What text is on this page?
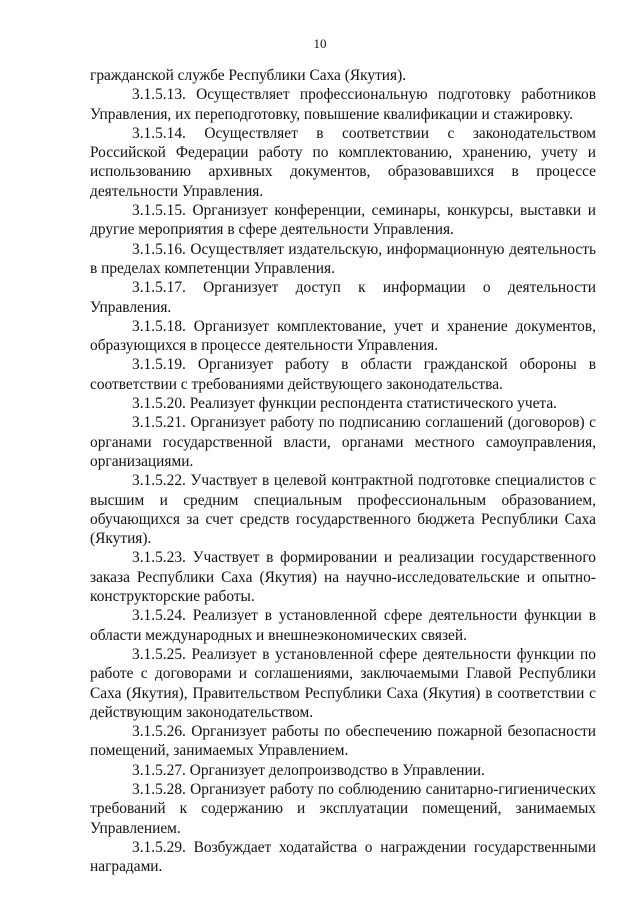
10

гражданской службе Республики Саха (Якутия).

3.1.5.13. Осуществляет профессиональную подготовку работников Управления, их переподготовку, повышение квалификации и стажировку.

3.1.5.14. Осуществляет в соответствии с законодательством Российской Федерации работу по комплектованию, хранению, учету и использованию архивных документов, образовавшихся в процессе деятельности Управления.

3.1.5.15. Организует конференции, семинары, конкурсы, выставки и другие мероприятия в сфере деятельности Управления.

3.1.5.16. Осуществляет издательскую, информационную деятельность в пределах компетенции Управления.

3.1.5.17. Организует доступ к информации о деятельности Управления.

3.1.5.18. Организует комплектование, учет и хранение документов, образующихся в процессе деятельности Управления.

3.1.5.19. Организует работу в области гражданской обороны в соответствии с требованиями действующего законодательства.

3.1.5.20. Реализует функции респондента статистического учета.

3.1.5.21. Организует работу по подписанию соглашений (договоров) с органами государственной власти, органами местного самоуправления, организациями.

3.1.5.22. Участвует в целевой контрактной подготовке специалистов с высшим и средним специальным профессиональным образованием, обучающихся за счет средств государственного бюджета Республики Саха (Якутия).

3.1.5.23. Участвует в формировании и реализации государственного заказа Республики Саха (Якутия) на научно-исследовательские и опытно-конструкторские работы.

3.1.5.24. Реализует в установленной сфере деятельности функции в области международных и внешнеэкономических связей.

3.1.5.25. Реализует в установленной сфере деятельности функции по работе с договорами и соглашениями, заключаемыми Главой Республики Саха (Якутия), Правительством Республики Саха (Якутия) в соответствии с действующим законодательством.

3.1.5.26. Организует работы по обеспечению пожарной безопасности помещений, занимаемых Управлением.

3.1.5.27. Организует делопроизводство в Управлении.

3.1.5.28. Организует работу по соблюдению санитарно-гигиенических требований к содержанию и эксплуатации помещений, занимаемых Управлением.

3.1.5.29. Возбуждает ходатайства о награждении государственными наградами.
